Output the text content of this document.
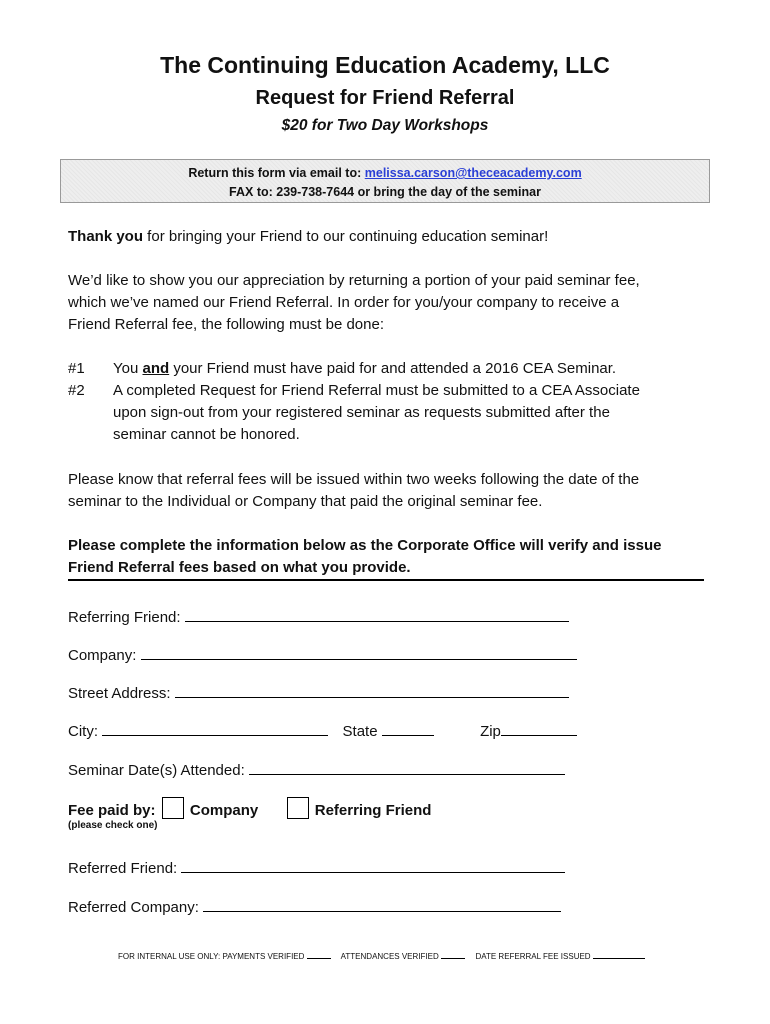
The Continuing Education Academy, LLC
Request for Friend Referral
$20 for Two Day Workshops
Return this form via email to: melissa.carson@theceacademy.com
FAX to: 239-738-7644 or bring the day of the seminar
Thank you for bringing your Friend to our continuing education seminar!
We’d like to show you our appreciation by returning a portion of your paid seminar fee,
which we’ve named our Friend Referral. In order for you/your company to receive a
Friend Referral fee, the following must be done:
#1 You and your Friend must have paid for and attended a 2016 CEA Seminar.
#2 A completed Request for Friend Referral must be submitted to a CEA Associate
upon sign-out from your registered seminar as requests submitted after the
seminar cannot be honored.
Please know that referral fees will be issued within two weeks following the date of the
seminar to the Individual or Company that paid the original seminar fee.
Please complete the information below as the Corporate Office will verify and issue
Friend Referral fees based on what you provide.
Referring Friend:
Company:
Street Address:
City:	State	Zip
Seminar Date(s) Attended:
Fee paid by: Company	Referring Friend
(please check one)
Referred Friend:
Referred Company:
FOR INTERNAL USE ONLY: PAYMENTS VERIFIED	ATTENDANCES VERIFIED	DATE REFERRAL FEE ISSUED
